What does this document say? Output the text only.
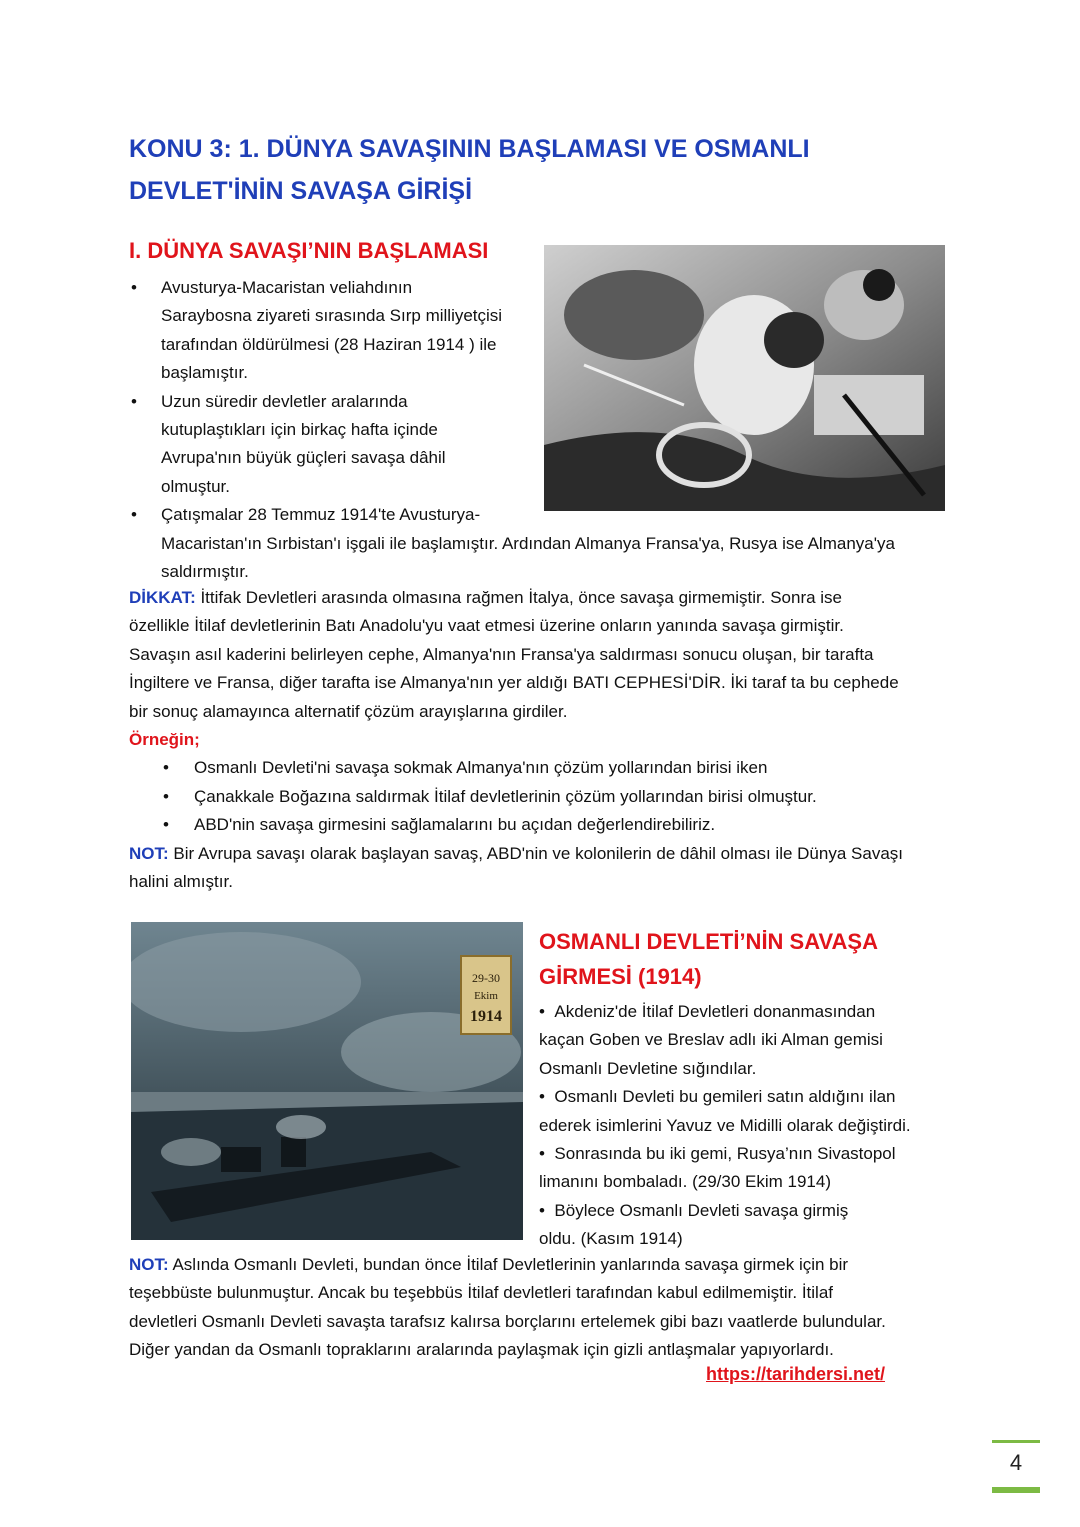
KONU 3: 1. DÜNYA SAVAŞININ BAŞLAMASI VE OSMANLI
DEVLET'İNİN SAVAŞA GİRİŞİ
I. DÜNYA SAVAŞI’NIN BAŞLAMASI
• Avusturya-Macaristan veliahdının
Saraybosna ziyareti sırasında Sırp milliyetçisi
tarafından öldürülmesi (28 Haziran 1914 ) ile
başlamıştır.
• Uzun süredir devletler aralarında
kutuplaştıkları için birkaç hafta içinde
Avrupa'nın büyük güçleri savaşa dâhil
olmuştur.
• Çatışmalar 28 Temmuz 1914'te Avusturya-
Macaristan'ın Sırbistan'ı işgali ile başlamıştır. Ardından Almanya Fransa'ya, Rusya ise Almanya'ya
saldırmıştır.
DİKKAT: İttifak Devletleri arasında olmasına rağmen İtalya, önce savaşa girmemiştir. Sonra ise
özellikle İtilaf devletlerinin Batı Anadolu'yu vaat etmesi üzerine onların yanında savaşa girmiştir.
Savaşın asıl kaderini belirleyen cephe, Almanya'nın Fransa'ya saldırması sonucu oluşan, bir tarafta
İngiltere ve Fransa, diğer tarafta ise Almanya'nın yer aldığı BATI CEPHESİ'DİR. İki taraf ta bu cephede
bir sonuç alamayınca alternatif çözüm arayışlarına girdiler.
Örneğin;
• Osmanlı Devleti'ni savaşa sokmak Almanya'nın çözüm yollarından birisi iken
• Çanakkale Boğazına saldırmak İtilaf devletlerinin çözüm yollarından birisi olmuştur.
• ABD'nin savaşa girmesini sağlamalarını bu açıdan değerlendirebiliriz.
NOT: Bir Avrupa savaşı olarak başlayan savaş, ABD'nin ve kolonilerin de dâhil olması ile Dünya Savaşı
halini almıştır.
29-30
Ekim
1914
OSMANLI DEVLETİ’NİN SAVAŞA
GİRMESİ (1914)
• Akdeniz'de İtilaf Devletleri donanmasından
kaçan Goben ve Breslav adlı iki Alman gemisi
Osmanlı Devletine sığındılar.
• Osmanlı Devleti bu gemileri satın aldığını ilan
ederek isimlerini Yavuz ve Midilli olarak değiştirdi.
• Sonrasında bu iki gemi, Rusya’nın Sivastopol
limanını bombaladı. (29/30 Ekim 1914)
• Böylece Osmanlı Devleti savaşa girmiş
oldu. (Kasım 1914)
NOT: Aslında Osmanlı Devleti, bundan önce İtilaf Devletlerinin yanlarında savaşa girmek için bir
teşebbüste bulunmuştur. Ancak bu teşebbüs İtilaf devletleri tarafından kabul edilmemiştir. İtilaf
devletleri Osmanlı Devleti savaşta tarafsız kalırsa borçlarını ertelemek gibi bazı vaatlerde bulundular.
Diğer yandan da Osmanlı topraklarını aralarında paylaşmak için gizli antlaşmalar yapıyorlardı.
https://tarihdersi.net/
4
